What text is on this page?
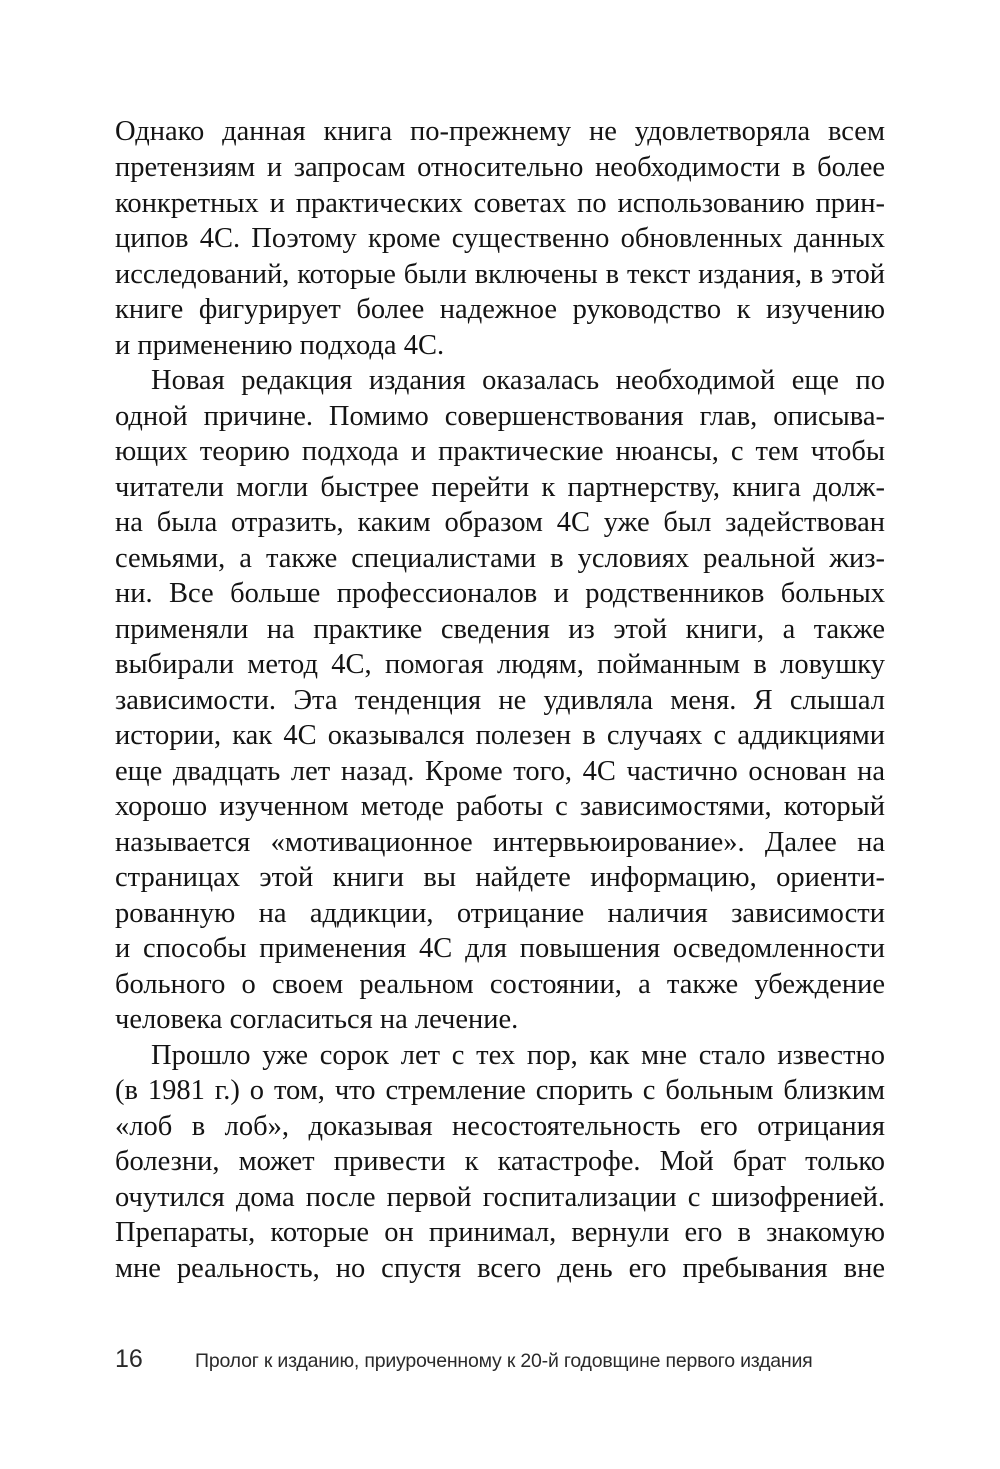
Однако данная книга по-прежнему не удовлетворяла всем
претензиям и запросам относительно необходимости в более
конкретных и практических советах по использованию прин-
ципов 4С. Поэтому кроме существенно обновленных данных
исследований, которые были включены в текст издания, в этой
книге фигурирует более надежное руководство к изучению
и применению подхода 4С.
Новая редакция издания оказалась необходимой еще по
одной причине. Помимо совершенствования глав, описыва-
ющих теорию подхода и практические нюансы, с тем чтобы
читатели могли быстрее перейти к партнерству, книга долж-
на была отразить, каким образом 4С уже был задействован
семьями, а также специалистами в условиях реальной жиз-
ни. Все больше профессионалов и родственников больных
применяли на практике сведения из этой книги, а также
выбирали метод 4С, помогая людям, пойманным в ловушку
зависимости. Эта тенденция не удивляла меня. Я слышал
истории, как 4С оказывался полезен в случаях с аддикциями
еще двадцать лет назад. Кроме того, 4С частично основан на
хорошо изученном методе работы с зависимостями, который
называется «мотивационное интервьюирование». Далее на
страницах этой книги вы найдете информацию, ориенти-
рованную на аддикции, отрицание наличия зависимости
и способы применения 4С для повышения осведомленности
больного о своем реальном состоянии, а также убеждение
человека согласиться на лечение.
Прошло уже сорок лет с тех пор, как мне стало известно
(в 1981 г.) о том, что стремление спорить с больным близким
«лоб в лоб», доказывая несостоятельность его отрицания
болезни, может привести к катастрофе. Мой брат только
очутился дома после первой госпитализации с шизофренией.
Препараты, которые он принимал, вернули его в знакомую
мне реальность, но спустя всего день его пребывания вне
16	Пролог к изданию, приуроченному к 20-й годовщине первого издания
